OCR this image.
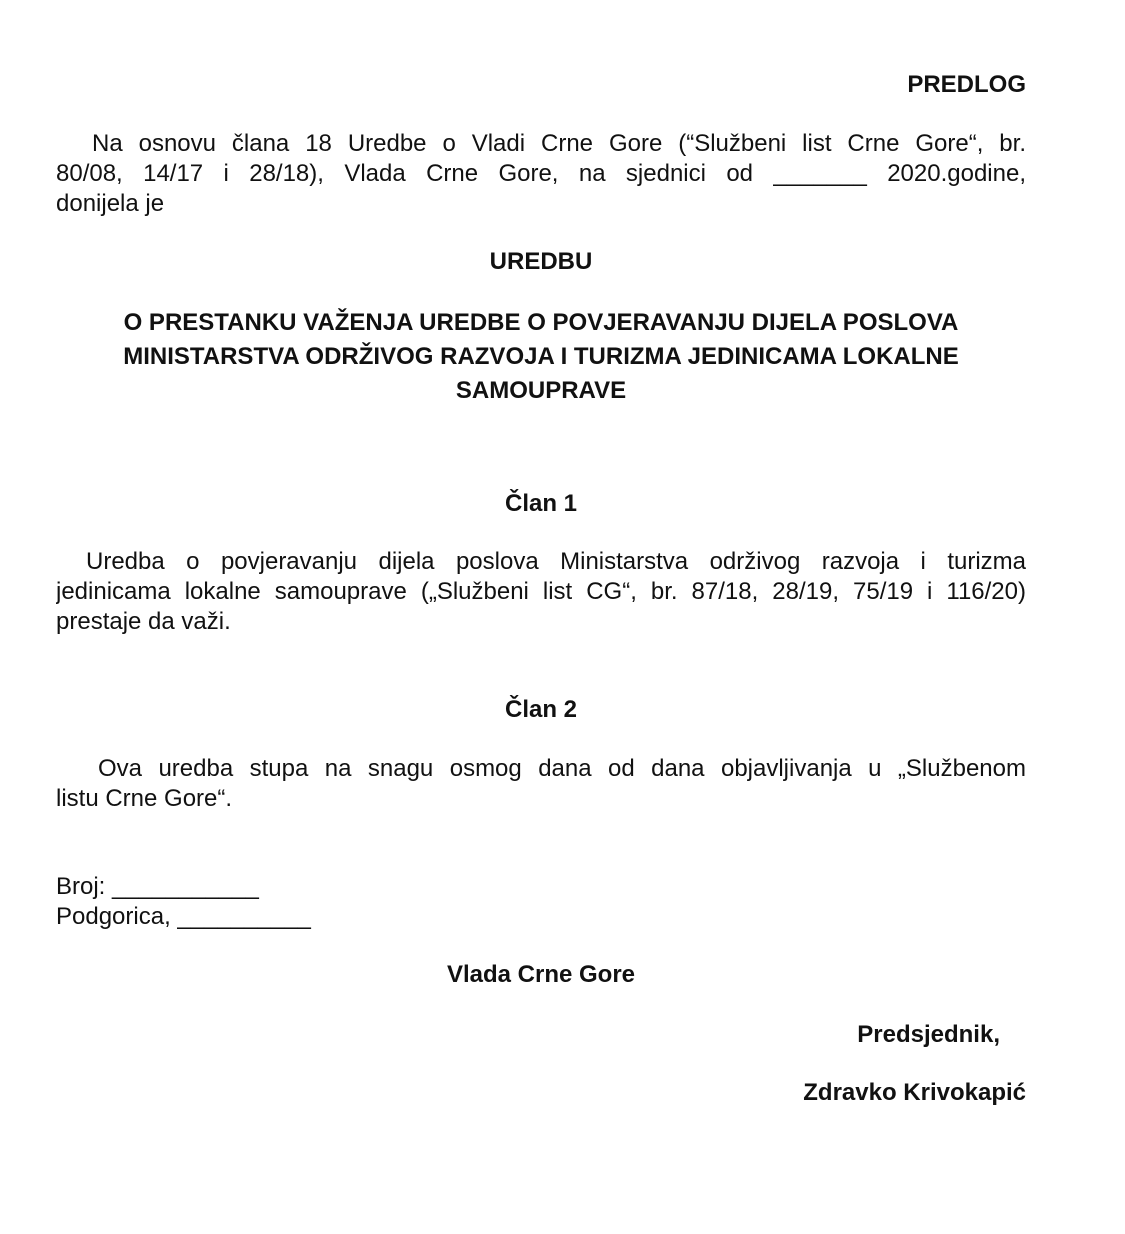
PREDLOG
Na osnovu člana 18 Uredbe o Vladi Crne Gore (“Službeni list Crne Gore“, br.
80/08, 14/17 i 28/18), Vlada Crne Gore, na sjednici od _______ 2020.godine,
donijela je
UREDBU
O PRESTANKU VAŽENJA UREDBE O POVJERAVANJU DIJELA POSLOVA
MINISTARSTVA ODRŽIVOG RAZVOJA I TURIZMA JEDINICAMA LOKALNE
SAMOUPRAVE
Član 1
Uredba o povjeravanju dijela poslova Ministarstva održivog razvoja i turizma
jedinicama lokalne samouprave („Službeni list CG“, br. 87/18, 28/19, 75/19 i 116/20)
prestaje da važi.
Član 2
Ova uredba stupa na snagu osmog dana od dana objavljivanja u „Službenom
listu Crne Gore“.
Broj: ___________
Podgorica, __________
Vlada Crne Gore
Predsjednik,
Zdravko Krivokapić
